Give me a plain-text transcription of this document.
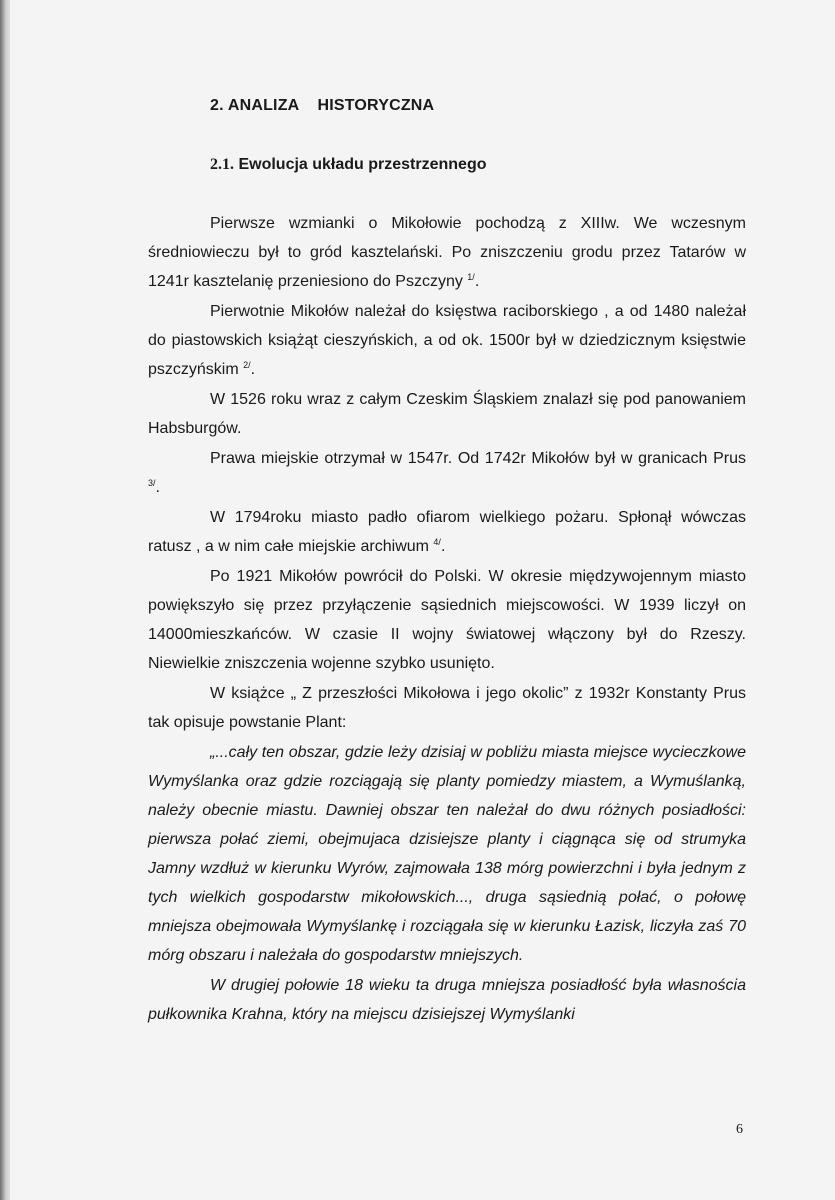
2. ANALIZA HISTORYCZNA
2.1. Ewolucja układu przestrzennego

Pierwsze wzmianki o Mikołowie pochodzą z XIIIw. We wczesnym średniowieczu był to gród kasztelański. Po zniszczeniu grodu przez Tatarów w 1241r kasztelanię przeniesiono do Pszczyny $^{1/}$.

Pierwotnie Mikołów należał do księstwa raciborskiego , a od 1480 należał do piastowskich książąt cieszyńskich, a od ok. 1500r był w dziedzicznym księstwie pszczyńskim $^{2/}$.

W 1526 roku wraz z całym Czeskim Śląskiem znalazł się pod panowaniem Habsburgów.

Prawa miejskie otrzymał w 1547r. Od 1742r Mikołów był w granicach Prus $^{3/}$.

W 1794roku miasto padło ofiarom wielkiego pożaru. Spłonął wówczas ratusz , a w nim całe miejskie archiwum $^{4/}$.

Po 1921 Mikołów powrócił do Polski. W okresie międzywojennym miasto powiększyło się przez przyłączenie sąsiednich miejscowości. W 1939 liczył on 14000mieszkańców. W czasie II wojny światowej włączony był do Rzeszy. Niewielkie zniszczenia wojenne szybko usunięto.

W książce „ Z przeszłości Mikołowa i jego okolic” z 1932r Konstanty Prus tak opisuje powstanie Plant:

„...cały ten obszar, gdzie leży dzisiaj w pobliżu miasta miejsce wycieczkowe Wymyślanka oraz gdzie rozciągają się planty pomiedzy miastem, a Wymuślanką, należy obecnie miastu. Dawniej obszar ten należał do dwu różnych posiadłości: pierwsza połać ziemi, obejmujaca dzisiejsze planty i ciągnąca się od strumyka Jamny wzdłuż w kierunku Wyrów, zajmowała 138 mórg powierzchni i była jednym z tych wielkich gospodarstw mikołowskich..., druga sąsiednią połać, o połowę mniejsza obejmowała Wymyślankę i rozciągała się w kierunku Łazisk, liczyła zaś 70 mórg obszaru i należała do gospodarstw mniejszych.

W drugiej połowie 18 wieku ta druga mniejsza posiadłość była własnościa pułkownika Krahna, który na miejscu dzisiejszej Wymyślanki

6
